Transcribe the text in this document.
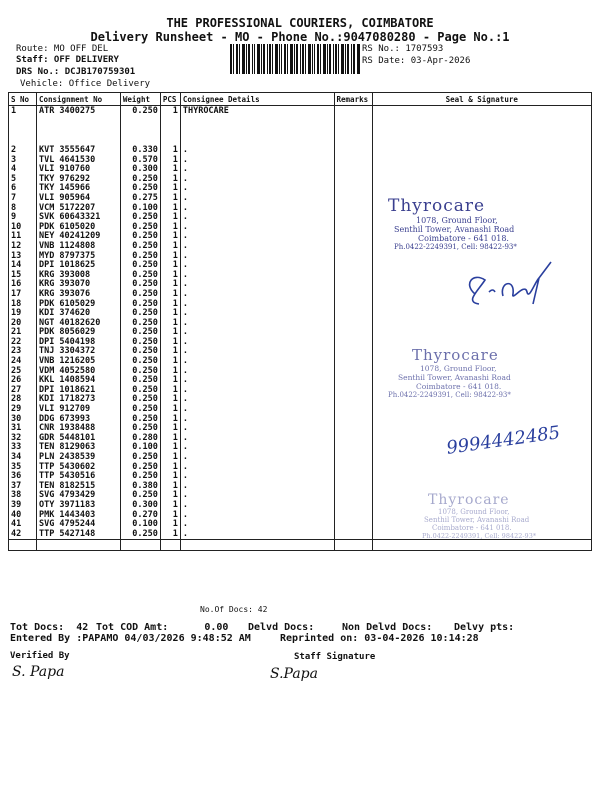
THE PROFESSIONAL COURIERS, COIMBATORE
Delivery Runsheet - MO - Phone No.:9047080280 - Page No.:1
Route: MO OFF DEL
Staff: OFF DELIVERY
DRS No.: DCJB170759301
Vehicle: Office Delivery
RS No.: 1707593
RS Date: 03-Apr-2026
S No	Consignment No	Weight	PCS	Consignee Details	Remarks	Seal & Signature
1	ATR 3400275	0.250	1	THYROCARE		
2	KVT 3555647	0.330	1	.		
3	TVL 4641530	0.570	1	.		
4	VLI 910760	0.300	1	.		
5	TKY 976292	0.250	1	.		
6	TKY 145966	0.250	1	.		
7	VLI 905964	0.275	1	.		
8	VCM 5172207	0.100	1	.		
9	SVK 60643321	0.250	1	.		
10	PDK 6105020	0.250	1	.		
11	NEY 40241209	0.250	1	.		
12	VNB 1124808	0.250	1	.		
13	MYD 8797375	0.250	1	.		
14	DPI 1018625	0.250	1	.		
15	KRG 393008	0.250	1	.		
16	KRG 393070	0.250	1	.		
17	KRG 393076	0.250	1	.		
18	PDK 6105029	0.250	1	.		
19	KDI 374620	0.250	1	.		
20	NGT 40182620	0.250	1	.		
21	PDK 8056029	0.250	1	.		
22	DPI 5404198	0.250	1	.		
23	TNJ 3304372	0.250	1	.		
24	VNB 1216205	0.250	1	.		
25	VDM 4052580	0.250	1	.		
26	KKL 1408594	0.250	1	.		
27	DPI 1018621	0.250	1	.		
28	KDI 1718273	0.250	1	.		
29	VLI 912709	0.250	1	.		
30	DDG 673993	0.250	1	.		
31	CNR 1938488	0.250	1	.		
32	GDR 5448101	0.280	1	.		
33	TEN 8129063	0.100	1	.		
34	PLN 2438539	0.250	1	.		
35	TTP 5430602	0.250	1	.		
36	TTP 5430516	0.250	1	.		
37	TEN 8182515	0.380	1	.		
38	SVG 4793429	0.250	1	.		
39	OTY 3971183	0.300	1	.		
40	PMK 1443403	0.270	1	.		
41	SVG 4795244	0.100	1	.		
42	TTP 5427148	0.250	1	.		

Thyrocare
1078, Ground Floor,
Senthil Tower, Avanashi Road
Coimbatore - 641 018.
Ph.0422-2249391, Cell: 98422-93*
Thyrocare
1078, Ground Floor,
Senthil Tower, Avanashi Road
Coimbatore - 641 018.
Ph.0422-2249391, Cell: 98422-93*
Thyrocare
1078, Ground Floor,
Senthil Tower, Avanashi Road
Coimbatore - 641 018.
Ph.0422-2249391, Cell: 98422-93*
9994442485
No.Of Docs: 42
Tot Docs:  42 Tot COD Amt:      0.00 Delvd Docs:	Non Delvd Docs: Delvy pts:
Entered By :PAPAMO 04/03/2026 9:48:52 AM	Reprinted on: 03-04-2026 10:14:28
Verified By	Staff Signature
S. Papa	S.Papa
